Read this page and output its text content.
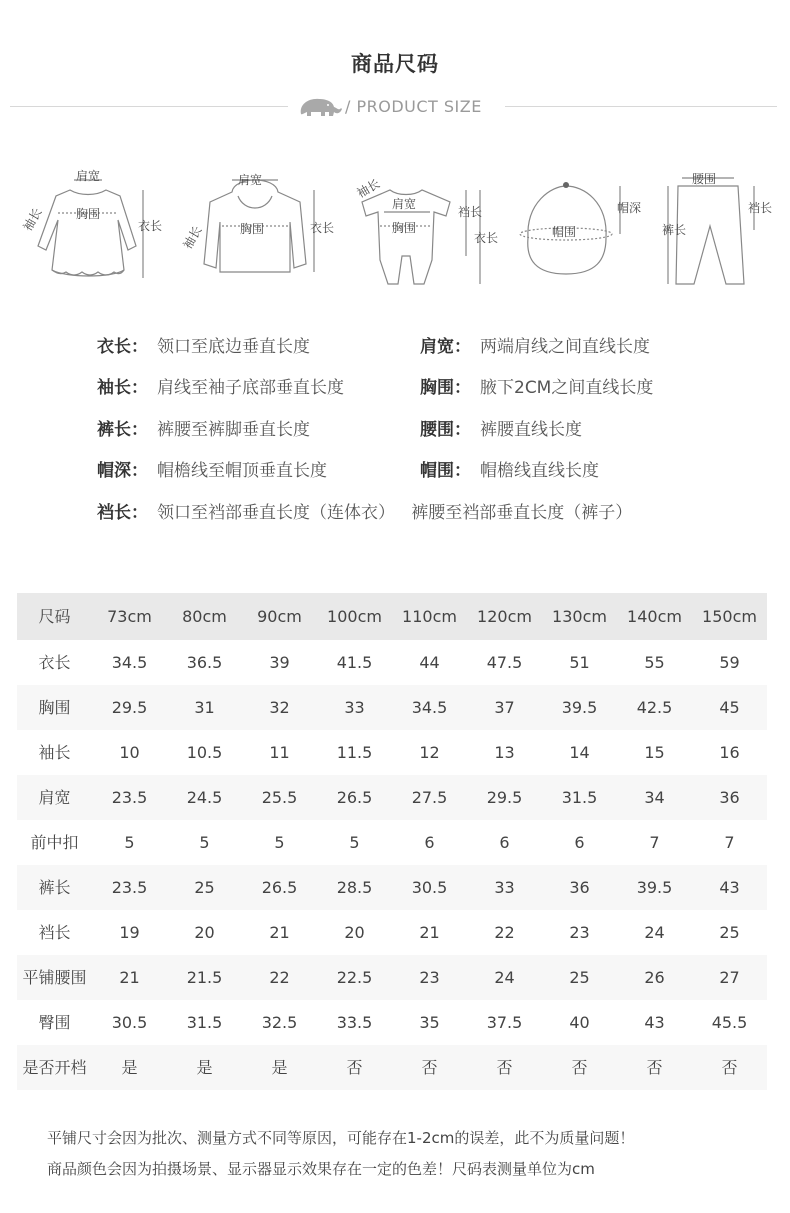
商品尺码
/ PRODUCT SIZE
肩宽
胸围
衣长
袖长
肩宽
胸围	衣长
袖长
肩宽
胸围
裆长
衣长
袖长
帽围
帽深
腰围
裤长
裆长
衣长： 领口至底边垂直长度	肩宽： 两端肩线之间直线长度
袖长： 肩线至袖子底部垂直长度	胸围： 腋下2CM之间直线长度
裤长： 裤腰至裤脚垂直长度	腰围： 裤腰直线长度
帽深： 帽檐线至帽顶垂直长度	帽围： 帽檐线直线长度
裆长： 领口至裆部垂直长度（连体衣）   裤腰至裆部垂直长度（裤子）
尺码	73cm	80cm	90cm	100cm	110cm	120cm	130cm	140cm	150cm
衣长	34.5	36.5	39	41.5	44	47.5	51	55	59
胸围	29.5	31	32	33	34.5	37	39.5	42.5	45
袖长	10	10.5	11	11.5	12	13	14	15	16
肩宽	23.5	24.5	25.5	26.5	27.5	29.5	31.5	34	36
前中扣	5	5	5	5	6	6	6	7	7
裤长	23.5	25	26.5	28.5	30.5	33	36	39.5	43
裆长	19	20	21	20	21	22	23	24	25
平铺腰围	21	21.5	22	22.5	23	24	25	26	27
臀围	30.5	31.5	32.5	33.5	35	37.5	40	43	45.5
是否开档	是	是	是	否	否	否	否	否	否
平铺尺寸会因为批次、测量方式不同等原因，可能存在1-2cm的误差，此不为质量问题！
商品颜色会因为拍摄场景、显示器显示效果存在一定的色差！尺码表测量单位为cm
